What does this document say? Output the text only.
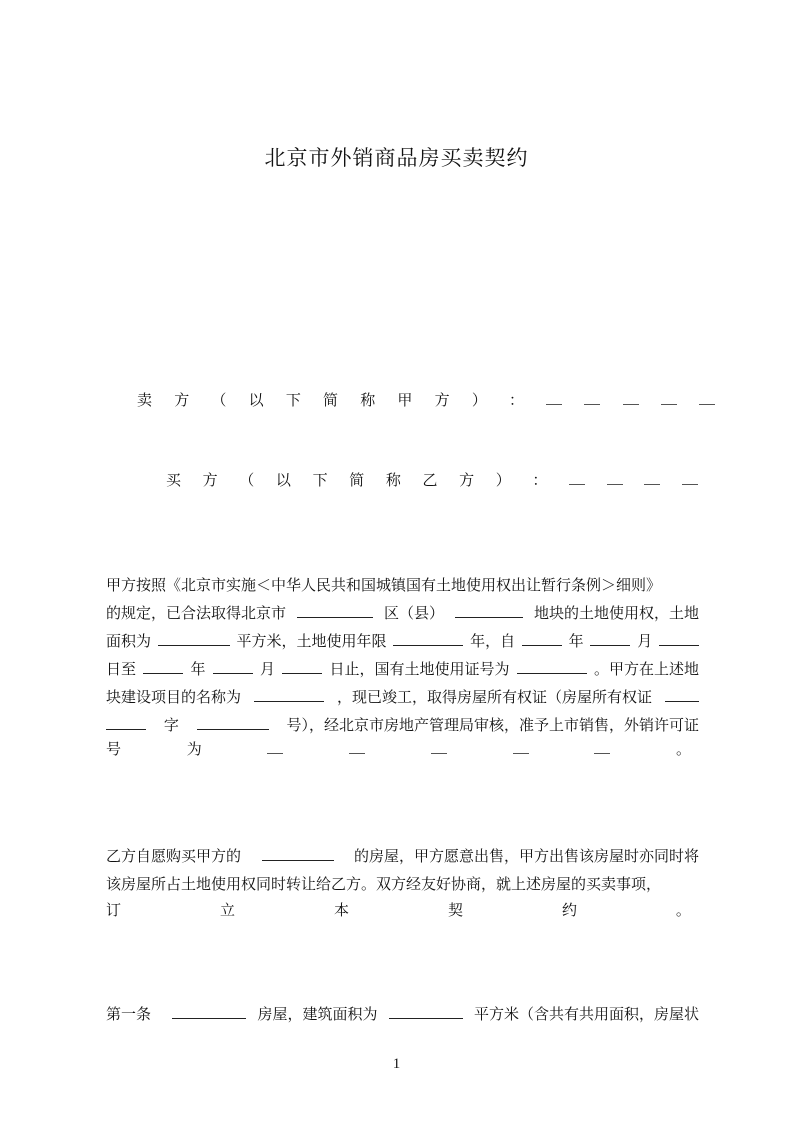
北京市外销商品房买卖契约
卖 方 （ 以 下 简 称 甲 方 ） ：
买 方 （ 以 下 简 称 乙 方 ） ：
甲方按照《北京市实施＜中华人民共和国城镇国有土地使用权出让暂行条例＞细则》
的规定，已合法取得北京市	区（县）	地块的土地使用权，土地
面积为	平方米，土地使用年限	年，自	年	月
日至	年	月	日止，国有土地使用证号为	。甲方在上述地
块建设项目的名称为	，现已竣工，取得房屋所有权证（房屋所有权证
字	号），经北京市房地产管理局审核，准予上市销售，外销许可证
号	为	。
乙方自愿购买甲方的	的房屋，甲方愿意出售，甲方出售该房屋时亦同时将
该房屋所占土地使用权同时转让给乙方。双方经友好协商，就上述房屋的买卖事项，
订	立	本	契	约	。
第一条	房屋，建筑面积为	平方米（含共有共用面积，房屋状
1
